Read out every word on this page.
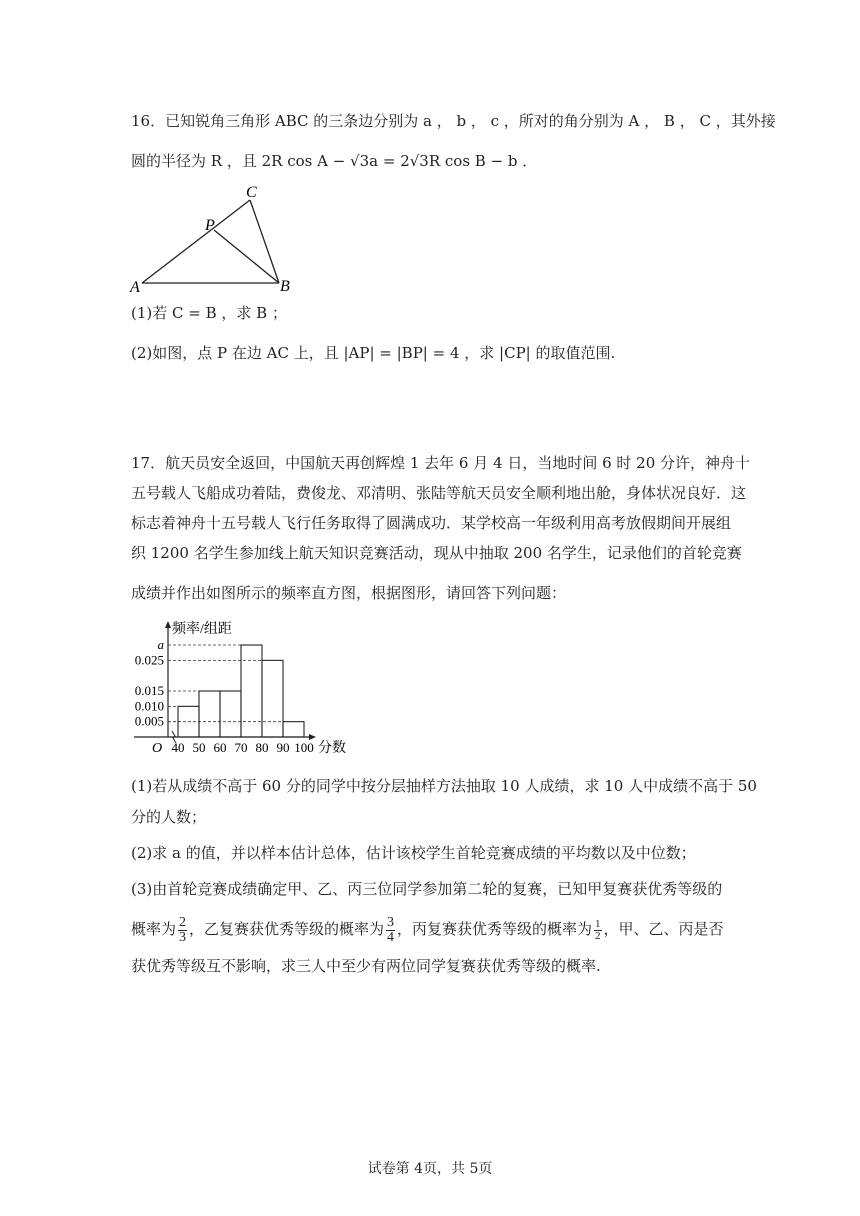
16．已知锐角三角形 ABC 的三条边分别为 a ， b ， c ，所对的角分别为 A ， B ， C ，其外接
圆的半径为 R ，且 2R cos A − √3a = 2√3R cos B − b ．
C
P
A	B
(1)若 C = B ，求 B ；
(2)如图，点 P 在边 AC 上，且 |AP| = |BP| = 4 ，求 |CP| 的取值范围.
17．航天员安全返回，中国航天再创辉煌 1 去年 6 月 4 日，当地时间 6 时 20 分许，神舟十
五号载人飞船成功着陆，费俊龙、邓清明、张陆等航天员安全顺利地出舱，身体状况良好．这
标志着神舟十五号载人飞行任务取得了圆满成功．某学校高一年级利用高考放假期间开展组
织 1200 名学生参加线上航天知识竞赛活动，现从中抽取 200 名学生，记录他们的首轮竞赛
成绩并作出如图所示的频率直方图，根据图形，请回答下列问题：
0.005
0.010
0.015
0.025
a
40 50 60 70 80 90 100 分数
频率/组距
O
(1)若从成绩不高于 60 分的同学中按分层抽样方法抽取 10 人成绩，求 10 人中成绩不高于 50
分的人数；
(2)求 a 的值，并以样本估计总体，估计该校学生首轮竞赛成绩的平均数以及中位数；
(3)由首轮竞赛成绩确定甲、乙、丙三位同学参加第二轮的复赛，已知甲复赛获优秀等级的
概率为 $\frac{2}{3}$ ，乙复赛获优秀等级的概率为 $\frac{3}{4}$ ，丙复赛获优秀等级的概率为 $\frac{1}{2}$ ，甲、乙、丙是否
获优秀等级互不影响，求三人中至少有两位同学复赛获优秀等级的概率.
试卷第 4页，共 5页
